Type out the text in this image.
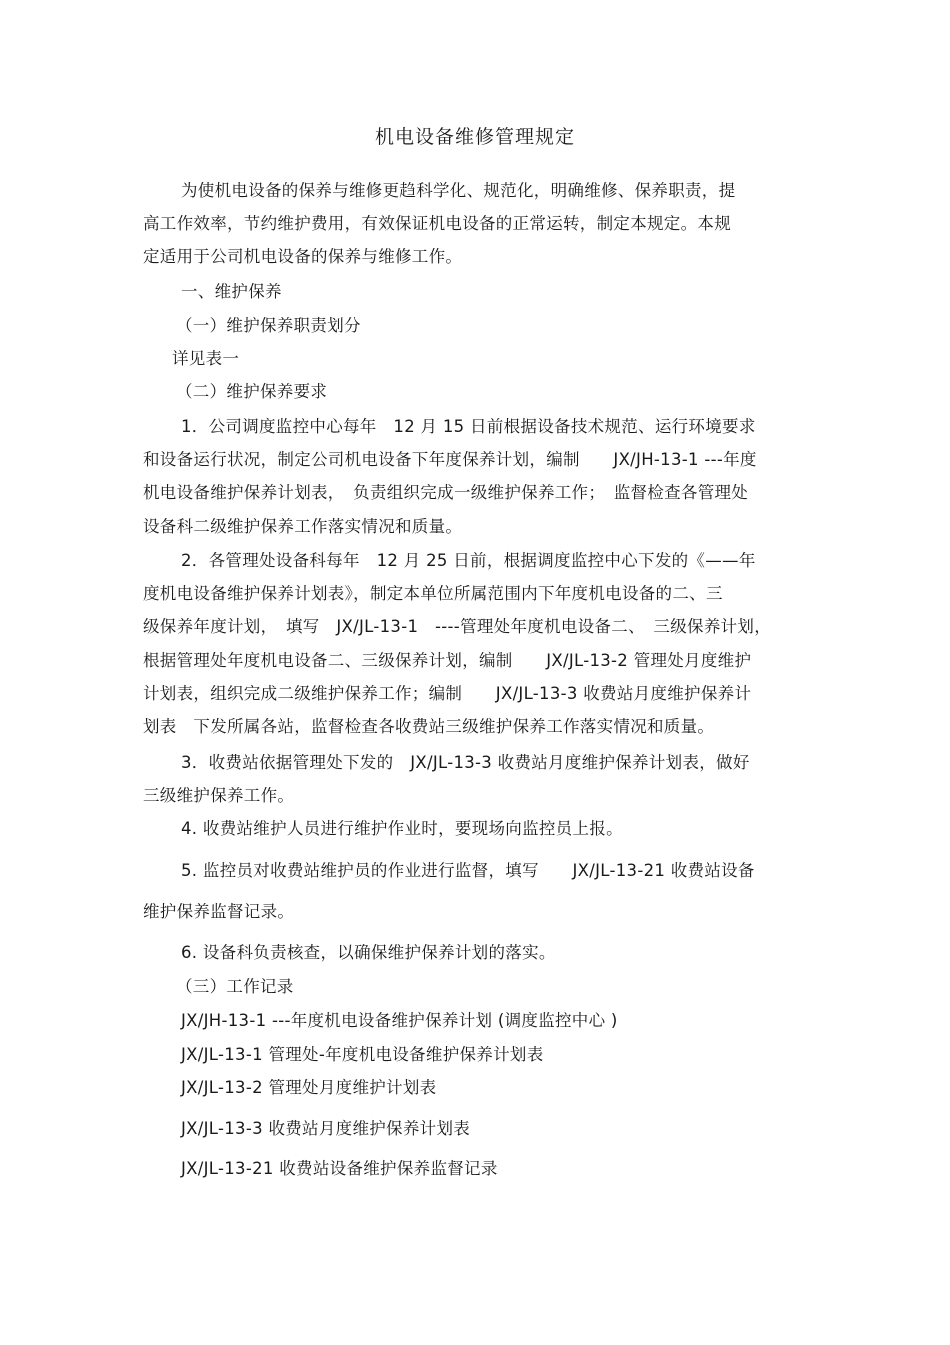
机电设备维修管理规定
为使机电设备的保养与维修更趋科学化、规范化，明确维修、保养职责，提
高工作效率，节约维护费用，有效保证机电设备的正常运转，制定本规定。本规
定适用于公司机电设备的保养与维修工作。
一、维护保养
（一）维护保养职责划分
详见表一
（二）维护保养要求
1．公司调度监控中心每年　12 月 15 日前根据设备技术规范、运行环境要求
和设备运行状况，制定公司机电设备下年度保养计划，编制　　JX/JH-13-1 ---年度
机电设备维护保养计划表，　负责组织完成一级维护保养工作；　监督检查各管理处
设备科二级维护保养工作落实情况和质量。
2．各管理处设备科每年　12 月 25 日前，根据调度监控中心下发的《——年
度机电设备维护保养计划表》，制定本单位所属范围内下年度机电设备的二、三
级保养年度计划，　填写　JX/JL-13-1　----管理处年度机电设备二、　三级保养计划，
根据管理处年度机电设备二、三级保养计划，编制　　JX/JL-13-2 管理处月度维护
计划表，组织完成二级维护保养工作；编制　　JX/JL-13-3 收费站月度维护保养计
划表　下发所属各站，监督检查各收费站三级维护保养工作落实情况和质量。
3．收费站依据管理处下发的　JX/JL-13-3 收费站月度维护保养计划表，做好
三级维护保养工作。
4. 收费站维护人员进行维护作业时，要现场向监控员上报。
5. 监控员对收费站维护员的作业进行监督，填写　　JX/JL-13-21 收费站设备
维护保养监督记录。
6. 设备科负责核查，以确保维护保养计划的落实。
（三）工作记录
JX/JH-13-1 ---年度机电设备维护保养计划 (调度监控中心 )
JX/JL-13-1 管理处-年度机电设备维护保养计划表
JX/JL-13-2 管理处月度维护计划表
JX/JL-13-3 收费站月度维护保养计划表
JX/JL-13-21 收费站设备维护保养监督记录
